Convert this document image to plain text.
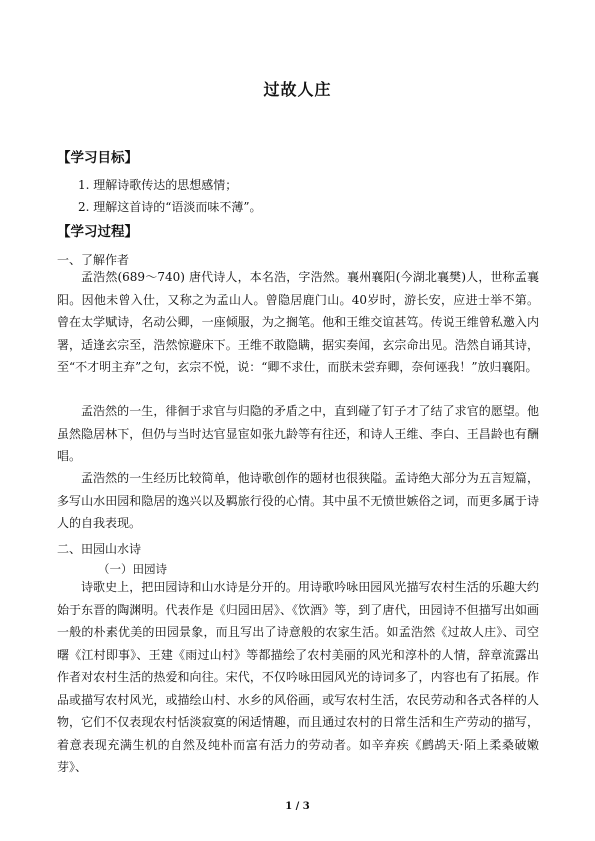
过故人庄
【学习目标】
1. 理解诗歌传达的思想感情；
2. 理解这首诗的“语淡而味不薄”。
【学习过程】
一、了解作者

孟浩然(689～740) 唐代诗人，本名浩，字浩然。襄州襄阳(今湖北襄樊)人，世称孟襄阳。因他未曾入仕，又称之为孟山人。曾隐居鹿门山。40岁时，游长安，应进士举不第。曾在太学赋诗，名动公卿，一座倾服，为之搁笔。他和王维交谊甚笃。传说王维曾私邀入内署，适逢玄宗至，浩然惊避床下。王维不敢隐瞒，据实奏闻，玄宗命出见。浩然自诵其诗，至“不才明主弃”之句，玄宗不悦，说：“卿不求仕，而朕未尝弃卿，奈何诬我！”放归襄阳。

孟浩然的一生，徘徊于求官与归隐的矛盾之中，直到碰了钉子才了结了求官的愿望。他虽然隐居林下，但仍与当时达官显宦如张九龄等有往还，和诗人王维、李白、王昌龄也有酬唱。

孟浩然的一生经历比较简单，他诗歌创作的题材也很狭隘。孟诗绝大部分为五言短篇，多写山水田园和隐居的逸兴以及羁旅行役的心情。其中虽不无愤世嫉俗之词，而更多属于诗人的自我表现。

二、田园山水诗
（一）田园诗

诗歌史上，把田园诗和山水诗是分开的。用诗歌吟咏田园风光描写农村生活的乐趣大约始于东晋的陶渊明。代表作是《归园田居》、《饮酒》等，到了唐代，田园诗不但描写出如画一般的朴素优美的田园景象，而且写出了诗意般的农家生活。如孟浩然《过故人庄》、司空曙《江村即事》、王建《雨过山村》等都描绘了农村美丽的风光和淳朴的人情，辞章流露出作者对农村生活的热爱和向往。宋代，不仅吟咏田园风光的诗词多了，内容也有了拓展。作品或描写农村风光，或描绘山村、水乡的风俗画，或写农村生活，农民劳动和各式各样的人物，它们不仅表现农村恬淡寂寞的闲适情趣，而且通过农村的日常生活和生产劳动的描写，着意表现充满生机的自然及纯朴而富有活力的劳动者。如辛弃疾《鹧鸪天·陌上柔桑破嫩芽》、

1 / 3
